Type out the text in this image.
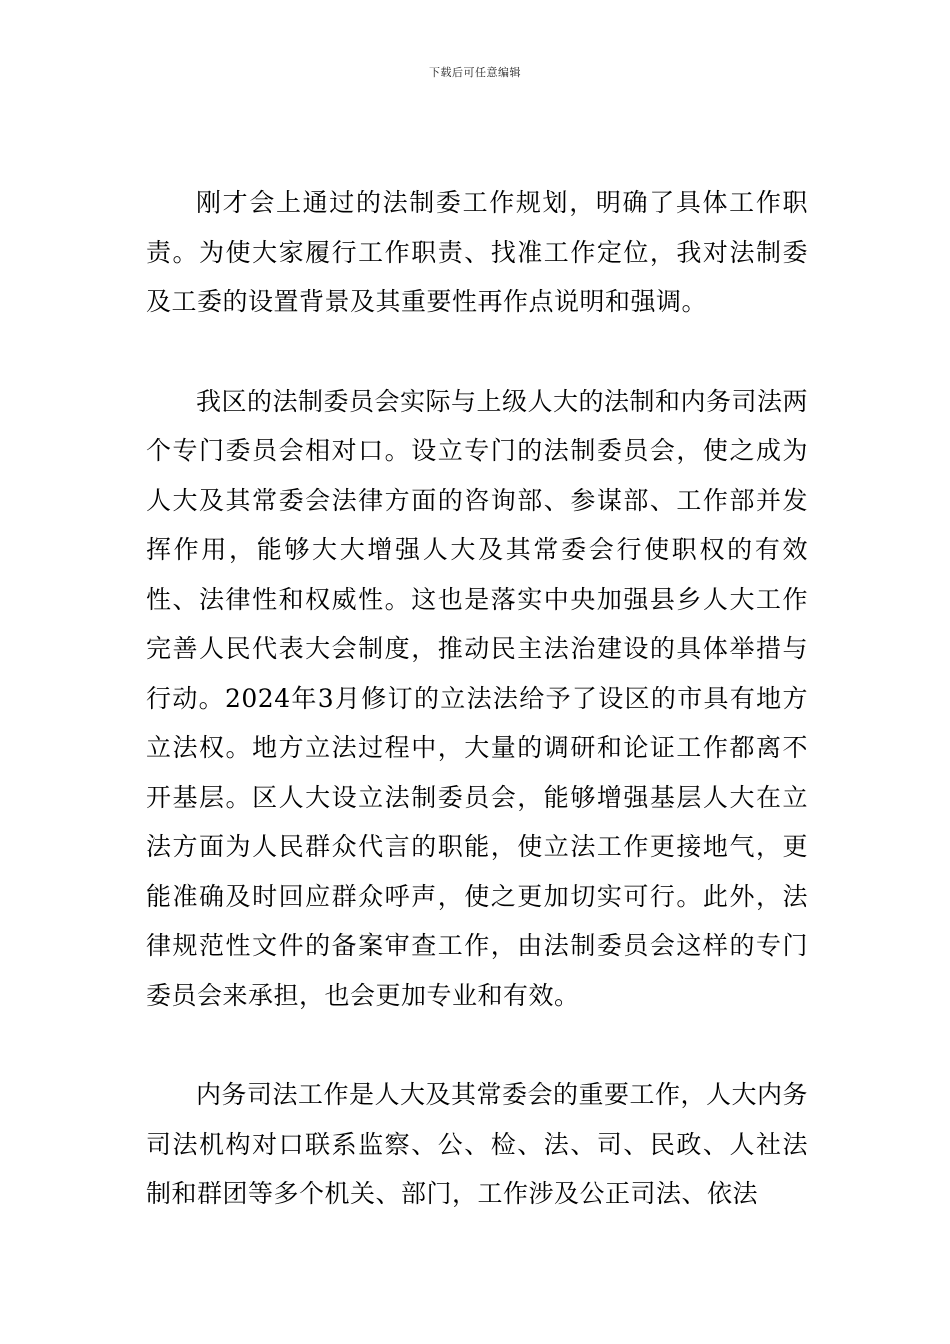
下载后可任意编辑

刚才会上通过的法制委工作规划，明确了具体工作职责。为使大家履行工作职责、找准工作定位，我对法制委及工委的设置背景及其重要性再作点说明和强调。

我区的法制委员会实际与上级人大的法制和内务司法两个专门委员会相对口。设立专门的法制委员会，使之成为人大及其常委会法律方面的咨询部、参谋部、工作部并发挥作用，能够大大增强人大及其常委会行使职权的有效性、法律性和权威性。这也是落实中央加强县乡人大工作完善人民代表大会制度，推动民主法治建设的具体举措与行动。2024年3月修订的立法法给予了设区的市具有地方立法权。地方立法过程中，大量的调研和论证工作都离不开基层。区人大设立法制委员会，能够增强基层人大在立法方面为人民群众代言的职能，使立法工作更接地气，更能准确及时回应群众呼声，使之更加切实可行。此外，法律规范性文件的备案审查工作，由法制委员会这样的专门委员会来承担，也会更加专业和有效。

内务司法工作是人大及其常委会的重要工作，人大内务司法机构对口联系监察、公、检、法、司、民政、人社法制和群团等多个机关、部门，工作涉及公正司法、依法
